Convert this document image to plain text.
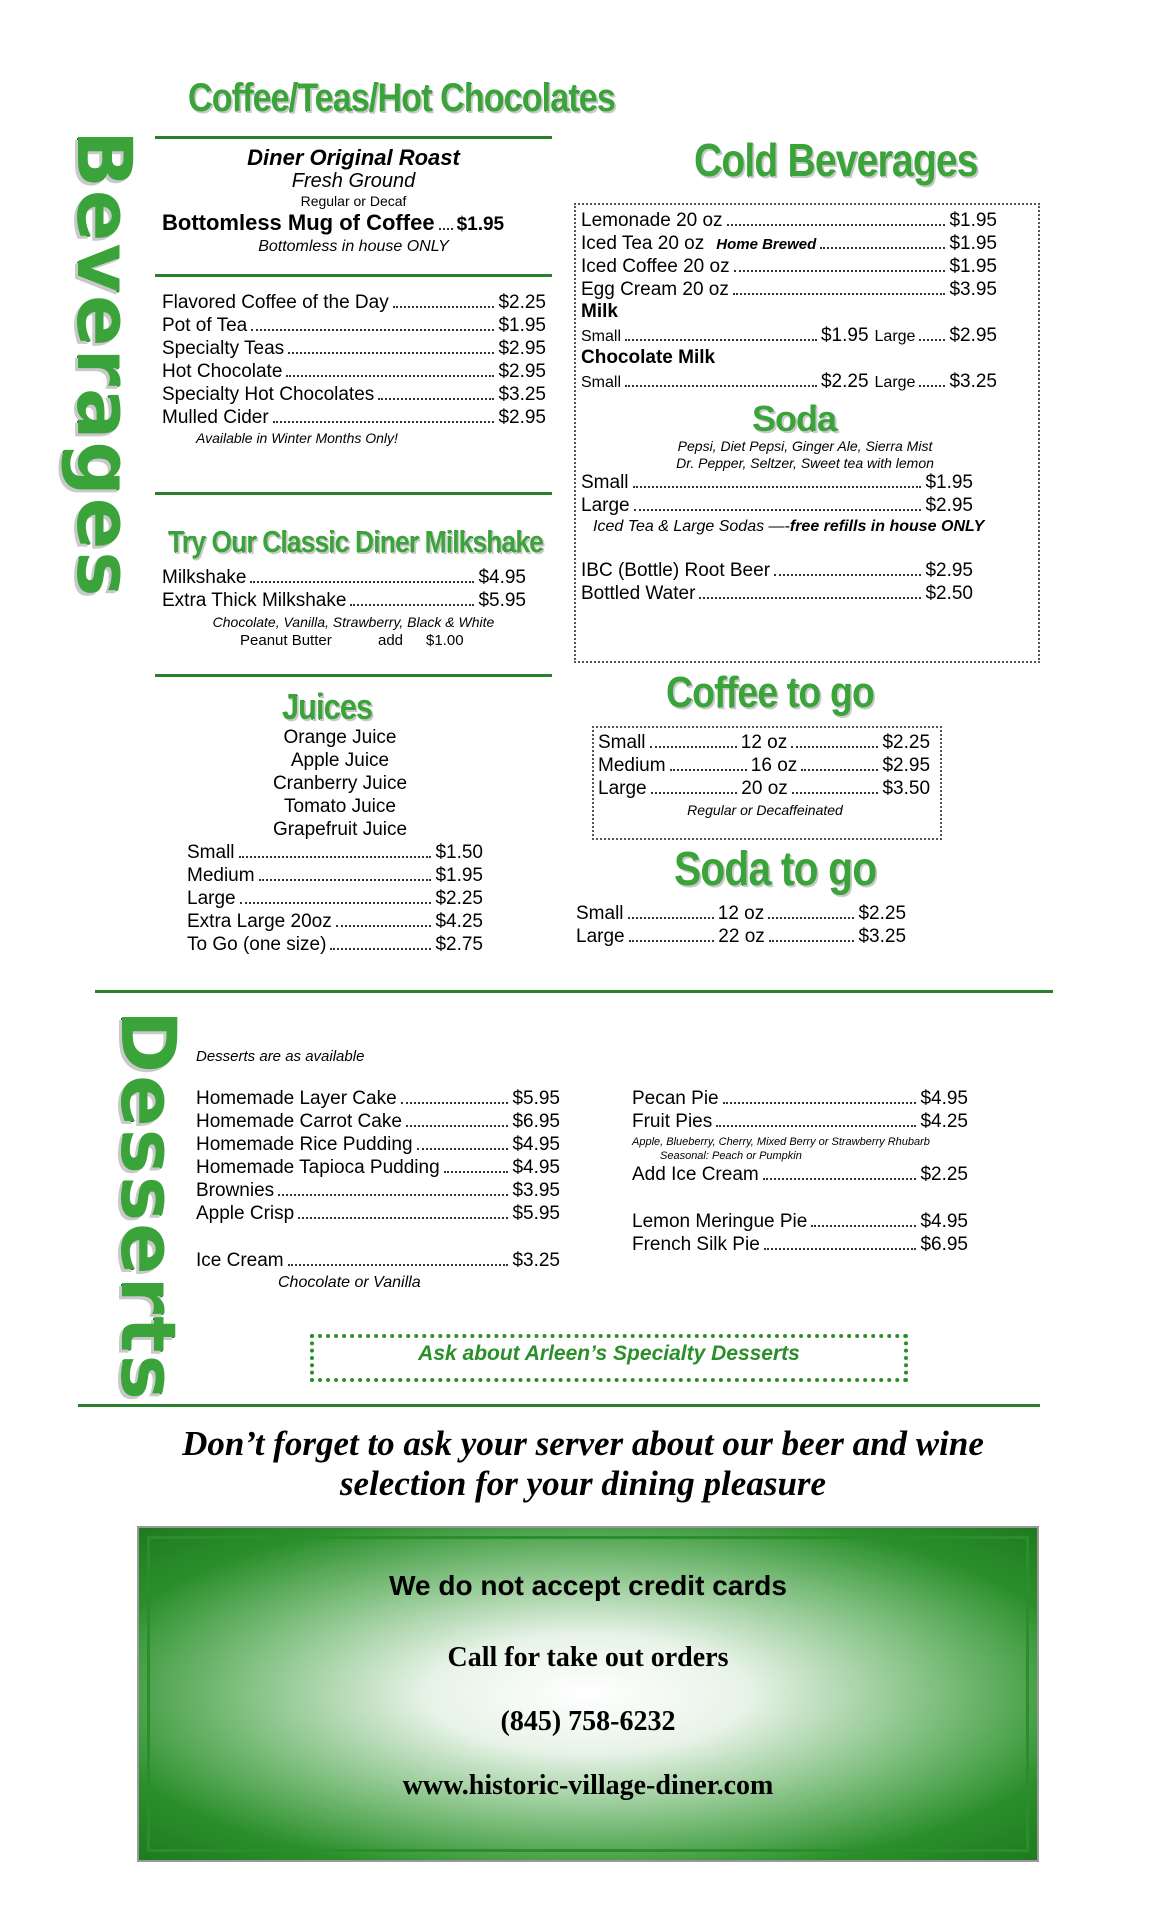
Beverages
Desserts
Coffee/Teas/Hot Chocolates
Diner Original Roast
Fresh Ground
Regular or Decaf
Bottomless Mug of Coffee $1.95
Bottomless in house ONLY
Flavored Coffee of the Day	$2.25
Pot of Tea	$1.95
Specialty Teas	$2.95
Hot Chocolate	$2.95
Specialty Hot Chocolates	$3.25
Mulled Cider	$2.95
Available in Winter Months Only!
Try Our Classic Diner Milkshake
Milkshake	$4.95
Extra Thick Milkshake	$5.95
Chocolate, Vanilla, Strawberry, Black & White
Peanut Butter	add $1.00
Juices
Orange Juice
Apple Juice
Cranberry Juice
Tomato Juice
Grapefruit Juice
Small	$1.50
Medium	$1.95
Large	$2.25
Extra Large 20oz	$4.25
To Go (one size)	$2.75
Cold Beverages
Lemonade 20 oz	$1.95
Iced Tea 20 oz Home Brewed	$1.95
Iced Coffee 20 oz	$1.95
Egg Cream 20 oz	$3.95
Milk
Small	$1.95 Large $2.95
Chocolate Milk
Small	$2.25 Large $3.25
Soda
Pepsi, Diet Pepsi, Ginger Ale, Sierra Mist
Dr. Pepper, Seltzer, Sweet tea with lemon
Small	$1.95
Large	$2.95
Iced Tea & Large Sodas —-free refills in house ONLY
IBC (Bottle) Root Beer	$2.95
Bottled Water	$2.50
Coffee to go
Small	12 oz	$2.25
Medium	16 oz	$2.95
Large	20 oz	$3.50
Regular or Decaffeinated
Soda to go
Small	12 oz	$2.25
Large	22 oz	$3.25
Desserts are as available
Homemade Layer Cake	$5.95
Homemade Carrot Cake	$6.95
Homemade Rice Pudding	$4.95
Homemade Tapioca Pudding	$4.95
Brownies	$3.95
Apple Crisp	$5.95
Ice Cream	$3.25
Chocolate or Vanilla
Pecan Pie	$4.95
Fruit Pies	$4.25
Apple, Blueberry, Cherry, Mixed Berry or Strawberry Rhubarb
Seasonal: Peach or Pumpkin
Add Ice Cream	$2.25
Lemon Meringue Pie	$4.95
French Silk Pie	$6.95
Ask about Arleen’s Specialty Desserts
Don’t forget to ask your server about our beer and wine
selection for your dining pleasure
We do not accept credit cards
Call for take out orders
(845) 758-6232
www.historic-village-diner.com
